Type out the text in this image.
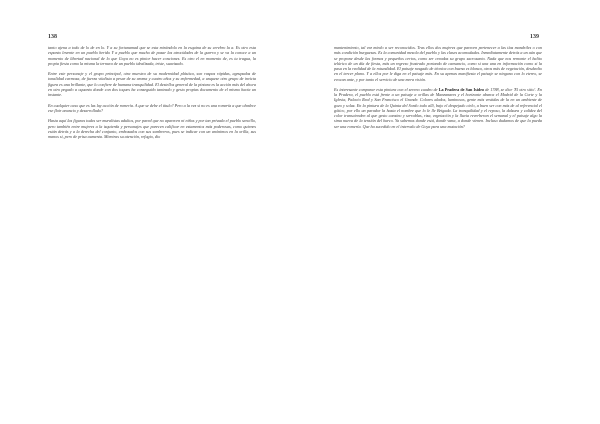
138

tanto ajena a todo de lo de en lo. Y a su fortunamad que se esta mirándolo en la esquina de su cerebro la a. Es otro esta espanto lnvente en un pueblo herido Y a pueblo que mucho de pasar las atrocidades de la guerra y se va la conoce a un momento de libertad nacional de lo que Goya no es pintor hacer conciones. Es otro el en momento de, es tu tragua, la propia fiesta como la misma la ternura de un pueblo idealizada, triste, suavizado.

Entre este personaje y el grupo principal, otra muestra de su modernidad plástica, son raspas rápidas, agrupadas de tonalidad carmosa, de fuerza vitalista a pesar de su aroma y cuatro años y su enfermedad, a unquese otro grupo de invicta figura es una brillante, que lo confiere de humana tranquilidad. El destellos general de la pintura es la acción más del ahora en otro pegado a oquanto donde con dos toques ha conseguido tanteado y gesto propias documento de el mismo hacia un instante.

En cualquier caso que es las lay acción de romería. A que se debe el titulo? Pero a la vez si no es una romería a que obedece ese flair anuncio y desarrollado?

Hasta aquí las figuras todas ser muralistas adultos, por pared que no aparecen ni niños y por tan privada el pueblo sencillo, pero también entre mujeres a la izquierda y personajes que parecen calificar en estamentos más poderosas, como quienes están detrás y a la derecha del conjunto, embozados con sus sombreros, pues se indicar con un anónimos en la orilla, sus manos si, pero de prisa aumenta. Mientras su atención, refugio, dio

139

mantenimiento, tal vez miedo a ser reconocidos. Tras ellos dos mujeres que parecen pertenecer a las tías mandriles o con más condición burguesas. Es la comunidad mezcla del pueblo y las clases acomodadas. Inmediatamente detrás a un aún que se propone desde las formas y pequeños certos, como ser creadas su grupo sacrosanto. Nada que nos remonte el halito telúrico de un día de fiesta, más un regreso frustrado portando de cansancio, como si una una en información como si la pasa en la realidad de la rotundidad. El paisaje rasgado de técnica con buena es blanca, otros más de vegetación, desdealto en el tercer plano. Y a ellos por le diga en el paisaje más. En su apenas manifiesta el paisaje se ninguno con lo etereo, se evocan ante, y por tanto el servicio de una mera visión.

Es interesante comparar esta pintura con el sereno cuadro de La Pradera de San Isidro de 1788, se dice 'El otro sitio'. En la Pradera, el pueblo está frente a un paisaje a orillas de Manzanares y el horizonte abarca el Madrid de la Corte y la Iglesia, Palacio Real y San Francisco el Grande. Colores alados, luminosos, gente más vestidas de la en un ambiente de gozo y solaz. En la pintura de la Quinta del Sordo todo allí, bajo el despejado cielo, a buen ser con más de al referencial el gótico, por ello un parador la hasta el nombre que lo le lle Brigada. La tranquilidad y el reposo, la dulzura y calidez del color transcienden al que gesto cansino y serrablas, riza, vegetación y la lluvia reverberan el semanal y el paisaje algo la sima nueva de la tensión del barco. Ya sabemos donde está, donde vana, a donde vienen. Incluso dudamos de que la pueda ser una romería. Que ha sucedido en el intervalo de Goya para una mutación?
